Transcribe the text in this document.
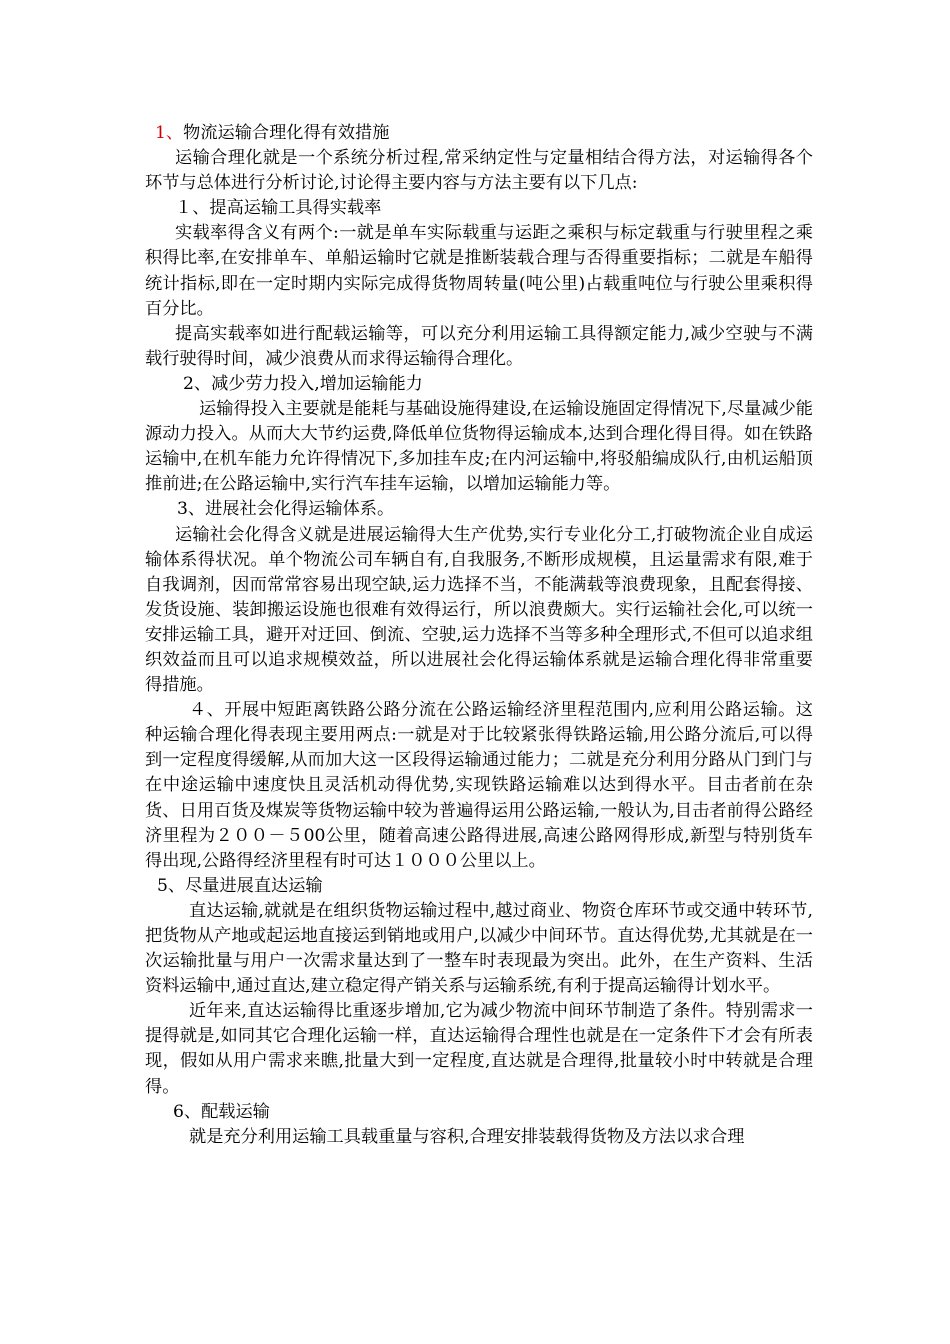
1、物流运输合理化得有效措施

运输合理化就是一个系统分析过程,常采纳定性与定量相结合得方法，对运输得各个环节与总体进行分析讨论,讨论得主要内容与方法主要有以下几点:

１、提高运输工具得实载率

实载率得含义有两个:一就是单车实际载重与运距之乘积与标定载重与行驶里程之乘积得比率,在安排单车、单船运输时它就是推断装载合理与否得重要指标；二就是车船得统计指标,即在一定时期内实际完成得货物周转量(吨公里)占载重吨位与行驶公里乘积得百分比。

提高实载率如进行配载运输等，可以充分利用运输工具得额定能力,减少空驶与不满载行驶得时间，减少浪费从而求得运输得合理化。

2、减少劳力投入,增加运输能力

运输得投入主要就是能耗与基础设施得建设,在运输设施固定得情况下,尽量减少能源动力投入。从而大大节约运费,降低单位货物得运输成本,达到合理化得目得。如在铁路运输中,在机车能力允许得情况下,多加挂车皮;在内河运输中,将驳船编成队行,由机运船顶推前进;在公路运输中,实行汽车挂车运输，以增加运输能力等。

3、进展社会化得运输体系。

运输社会化得含义就是进展运输得大生产优势,实行专业化分工,打破物流企业自成运输体系得状况。单个物流公司车辆自有,自我服务,不断形成规模，且运量需求有限,难于自我调剂，因而常常容易出现空缺,运力选择不当，不能满载等浪费现象，且配套得接、发货设施、装卸搬运设施也很难有效得运行，所以浪费颇大。实行运输社会化,可以统一安排运输工具，避开对迂回、倒流、空驶,运力选择不当等多种全理形式,不但可以追求组织效益而且可以追求规模效益，所以进展社会化得运输体系就是运输合理化得非常重要得措施。

４、开展中短距离铁路公路分流在公路运输经济里程范围内,应利用公路运输。这种运输合理化得表现主要用两点:一就是对于比较紧张得铁路运输,用公路分流后,可以得到一定程度得缓解,从而加大这一区段得运输通过能力；二就是充分利用分路从门到门与在中途运输中速度快且灵活机动得优势,实现铁路运输难以达到得水平。目击者前在杂货、日用百货及煤炭等货物运输中较为普遍得运用公路运输,一般认为,目击者前得公路经济里程为２００－５00公里，随着高速公路得进展,高速公路网得形成,新型与特别货车得出现,公路得经济里程有时可达１０００公里以上。

5、尽量进展直达运输

直达运输,就就是在组织货物运输过程中,越过商业、物资仓库环节或交通中转环节,把货物从产地或起运地直接运到销地或用户,以减少中间环节。直达得优势,尤其就是在一次运输批量与用户一次需求量达到了一整车时表现最为突出。此外，在生产资料、生活资料运输中,通过直达,建立稳定得产销关系与运输系统,有利于提高运输得计划水平。

近年来,直达运输得比重逐步增加,它为减少物流中间环节制造了条件。特别需求一提得就是,如同其它合理化运输一样，直达运输得合理性也就是在一定条件下才会有所表现，假如从用户需求来瞧,批量大到一定程度,直达就是合理得,批量较小时中转就是合理得。

6、配载运输

就是充分利用运输工具载重量与容积,合理安排装载得货物及方法以求合理
